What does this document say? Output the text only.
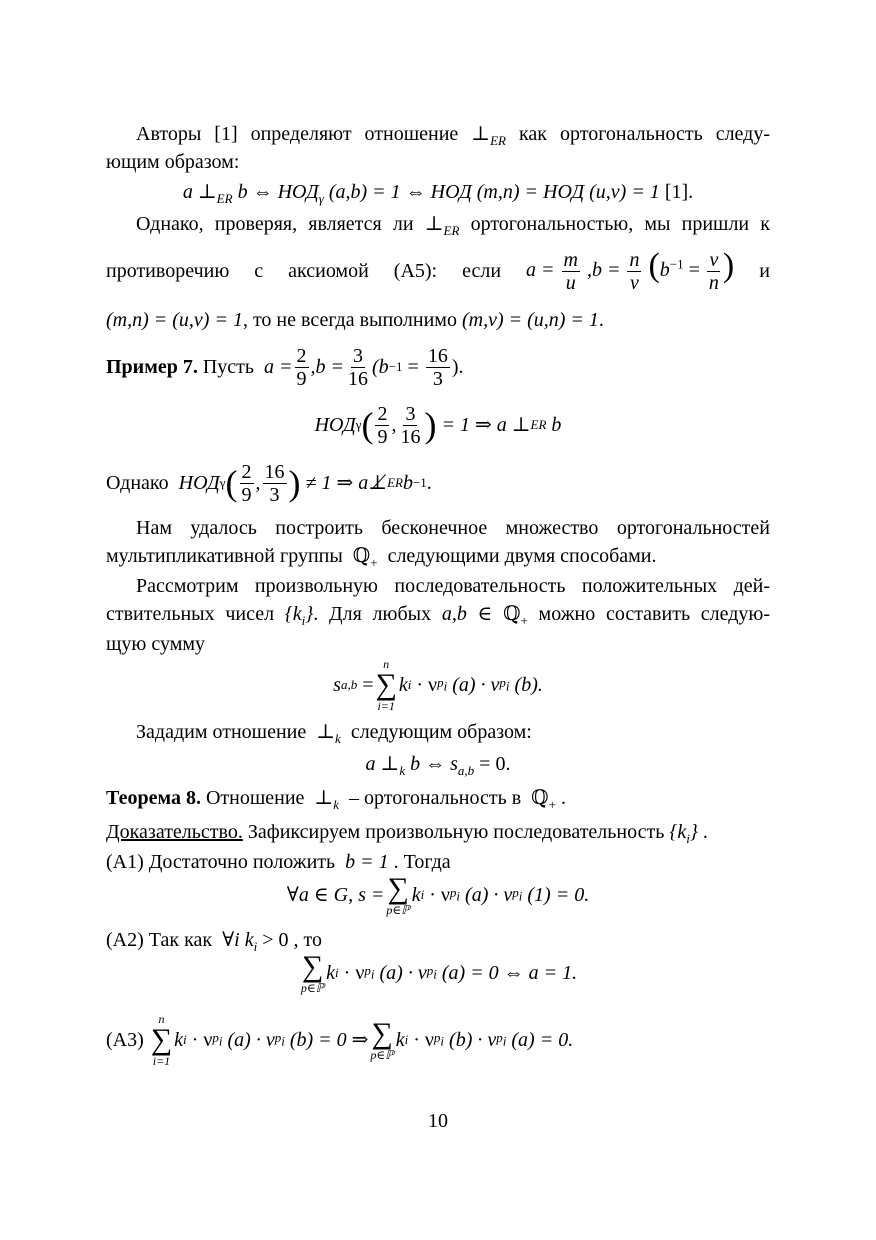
Авторы [1] определяют отношение $\perp_{ER}$ как ортогональность следу-
ющим образом:
a $\perp_{ER}$ b ⇔ $НОД_\gamma$ (a,b) = 1 ⇔ НОД (m,n) = НОД (u,v) = 1 [1].
Однако, проверяя, является ли $\perp_{ER}$ ортогональностью, мы пришли к
противоречию с аксиомой (A5): если $a = \frac{m}{u} ,b = \frac{n}{v} (b^{-1} = \frac{v}{n}$ ) и
(m,n) = (u,v) = 1, то не всегда выполнимо (m,v) = (u,n) = 1.
Пример 7.
Пусть
$a = \frac{2}{9} ,b = \frac{3}{16} (b -1$
=
$\frac{16}{3}$ ).
НОД γ ( $\frac{2}{9}$ , $\frac{3}{16}$ )
= 1 ⇒ a ⊥ ER
b
Однако
НОД γ ( $\frac{2}{9}$ , $\frac{16}{3}$ )
≠ 1 ⇒ a ⊥̸ ER b −1 .
Нам удалось построить бесконечное множество ортогональностей
мультипликативной группы ℚ$_+$ следующими двумя способами.
Рассмотрим произвольную последовательность положительных дей-
ствительных чисел $\{k_i\}$. Для любых a,b ∈ ℚ$_+$ можно составить следую-
щую сумму
s a,b
=
n
∑
i=1
k i
· ν $p_i$
(a) · ν $p_i$
(b).
Зададим отношение $\perp_k$ следующим образом:
a $\perp_k$ b ⇔ $s_{a,b} = 0$.
Теорема 8. Отношение $\perp_k$ – ортогональность в ℚ$_+$ .
Доказательство. Зафиксируем произвольную последовательность $\{k_i\}$ .
(A1) Достаточно положить b = 1 . Тогда
∀a ∈ G, s = ∑
p∈ℙ
k i
· ν $p_i$
(a) · ν $p_i$
(1) = 0.
(A2) Так как ∀i $k_i > 0$ , то
∑
p∈ℙ
k i
· ν $p_i$
(a) · ν $p_i$
(a) = 0 ⇔ a = 1.
(A3)

n
∑
i=1
k i
· ν $p_i$
(a) · ν $p_i$
(b) = 0 ⇒ ∑
p∈ℙ
k i
· ν $p_i$
(b) · ν $p_i$
(a) = 0.
10
